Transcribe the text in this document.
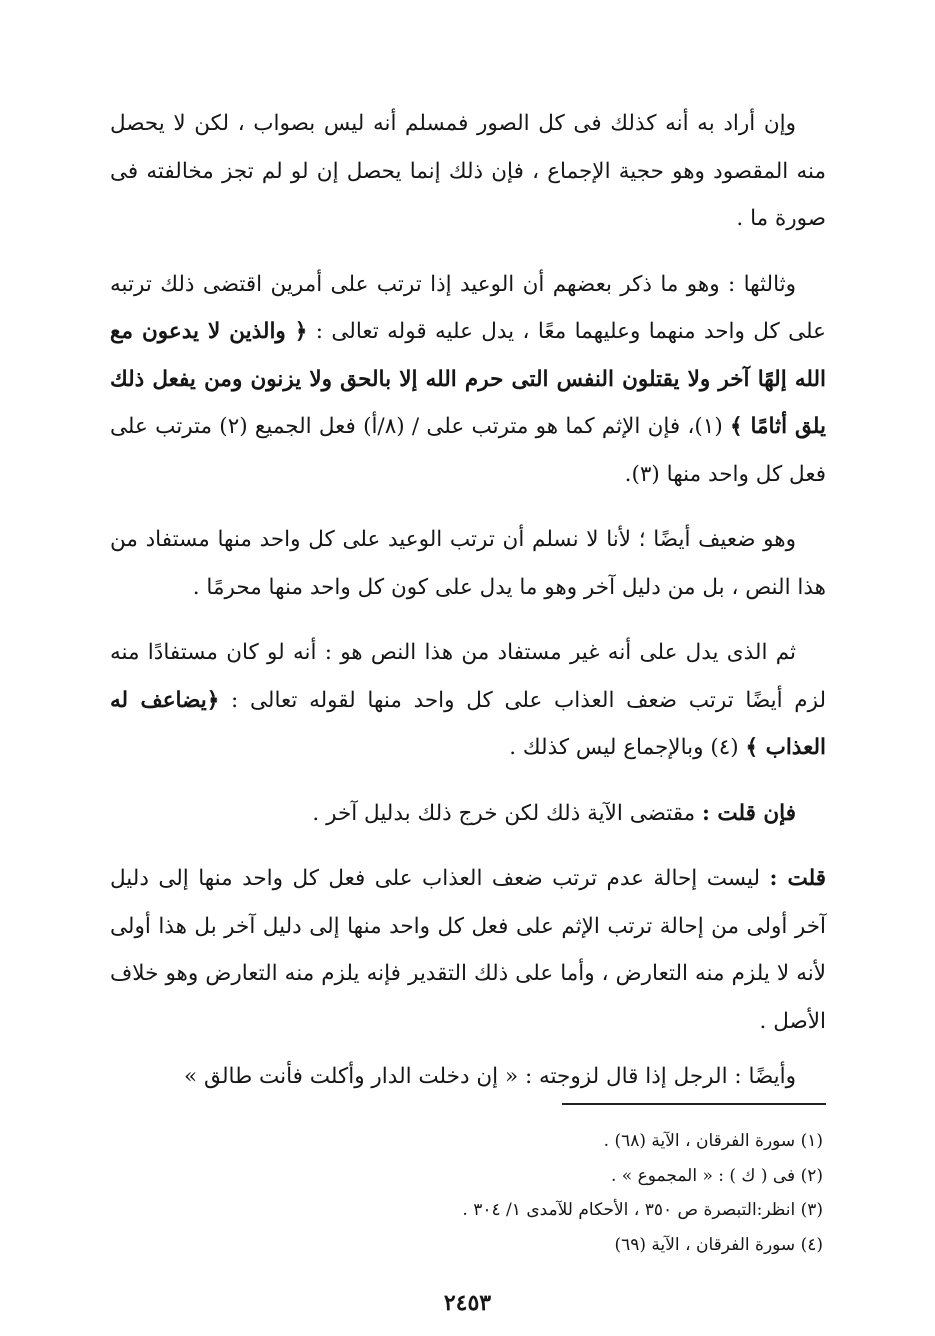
وإن أراد به أنه كذلك فى كل الصور فمسلم أنه ليس بصواب ، لكن لا يحصل منه المقصود وهو حجية الإجماع ، فإن ذلك إنما يحصل إن لو لم تجز مخالفته فى صورة ما .

وثالثها : وهو ما ذكر بعضهم أن الوعيد إذا ترتب على أمرين اقتضى ذلك ترتبه على كل واحد منهما وعليهما معًا ، يدل عليه قوله تعالى : ﴿ والذين لا يدعون مع الله إلهًا آخر ولا يقتلون النفس التى حرم الله إلا بالحق ولا يزنون ومن يفعل ذلك يلق أثامًا ﴾ (١)، فإن الإثم كما هو مترتب على / (٨/أ) فعل الجميع (٢) مترتب على فعل كل واحد منها (٣).

وهو ضعيف أيضًا ؛ لأنا لا نسلم أن ترتب الوعيد على كل واحد منها مستفاد من هذا النص ، بل من دليل آخر وهو ما يدل على كون كل واحد منها محرمًا .

ثم الذى يدل على أنه غير مستفاد من هذا النص هو : أنه لو كان مستفادًا منه لزم أيضًا ترتب ضعف العذاب على كل واحد منها لقوله تعالى : ﴿يضاعف له العذاب ﴾ (٤) وبالإجماع ليس كذلك .

فإن قلت : مقتضى الآية ذلك لكن خرج ذلك بدليل آخر .

قلت : ليست إحالة عدم ترتب ضعف العذاب على فعل كل واحد منها إلى دليل آخر أولى من إحالة ترتب الإثم على فعل كل واحد منها إلى دليل آخر بل هذا أولى لأنه لا يلزم منه التعارض ، وأما على ذلك التقدير فإنه يلزم منه التعارض وهو خلاف الأصل .

وأيضًا : الرجل إذا قال لزوجته : « إن دخلت الدار وأكلت فأنت طالق »

(١) سورة الفرقان ، الآية (٦٨) .

(٢) فى ( ك ) : « المجموع » .

(٣) انظر:التبصرة ص ٣٥٠ ، الأحكام للآمدى ١/ ٣٠٤ .

(٤) سورة الفرقان ، الآية (٦٩)

٢٤٥٣
